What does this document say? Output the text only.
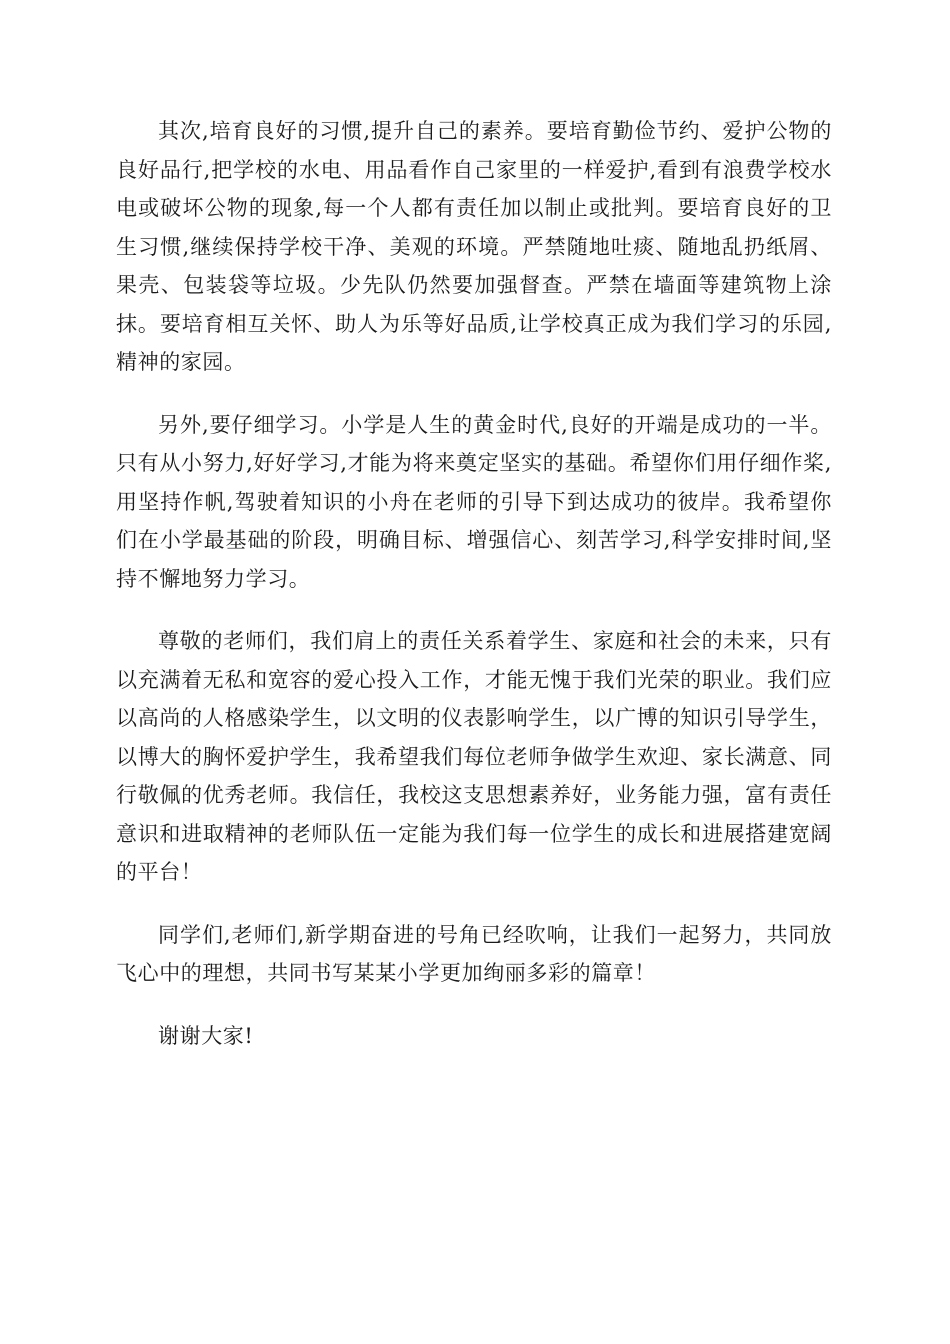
其次,培育良好的习惯,提升自己的素养。要培育勤俭节约、爱护公物的良好品行,把学校的水电、用品看作自己家里的一样爱护,看到有浪费学校水电或破坏公物的现象,每一个人都有责任加以制止或批判。要培育良好的卫生习惯,继续保持学校干净、美观的环境。严禁随地吐痰、随地乱扔纸屑、果壳、包装袋等垃圾。少先队仍然要加强督查。严禁在墙面等建筑物上涂抹。要培育相互关怀、助人为乐等好品质,让学校真正成为我们学习的乐园,精神的家园。

另外,要仔细学习。小学是人生的黄金时代,良好的开端是成功的一半。只有从小努力,好好学习,才能为将来奠定坚实的基础。希望你们用仔细作桨,用坚持作帆,驾驶着知识的小舟在老师的引导下到达成功的彼岸。我希望你们在小学最基础的阶段，明确目标、增强信心、刻苦学习,科学安排时间,坚持不懈地努力学习。

尊敬的老师们，我们肩上的责任关系着学生、家庭和社会的未来，只有以充满着无私和宽容的爱心投入工作，才能无愧于我们光荣的职业。我们应以高尚的人格感染学生，以文明的仪表影响学生，以广博的知识引导学生，以博大的胸怀爱护学生，我希望我们每位老师争做学生欢迎、家长满意、同行敬佩的优秀老师。我信任，我校这支思想素养好，业务能力强，富有责任意识和进取精神的老师队伍一定能为我们每一位学生的成长和进展搭建宽阔的平台！

同学们,老师们,新学期奋进的号角已经吹响，让我们一起努力，共同放飞心中的理想，共同书写某某小学更加绚丽多彩的篇章！

谢谢大家!
